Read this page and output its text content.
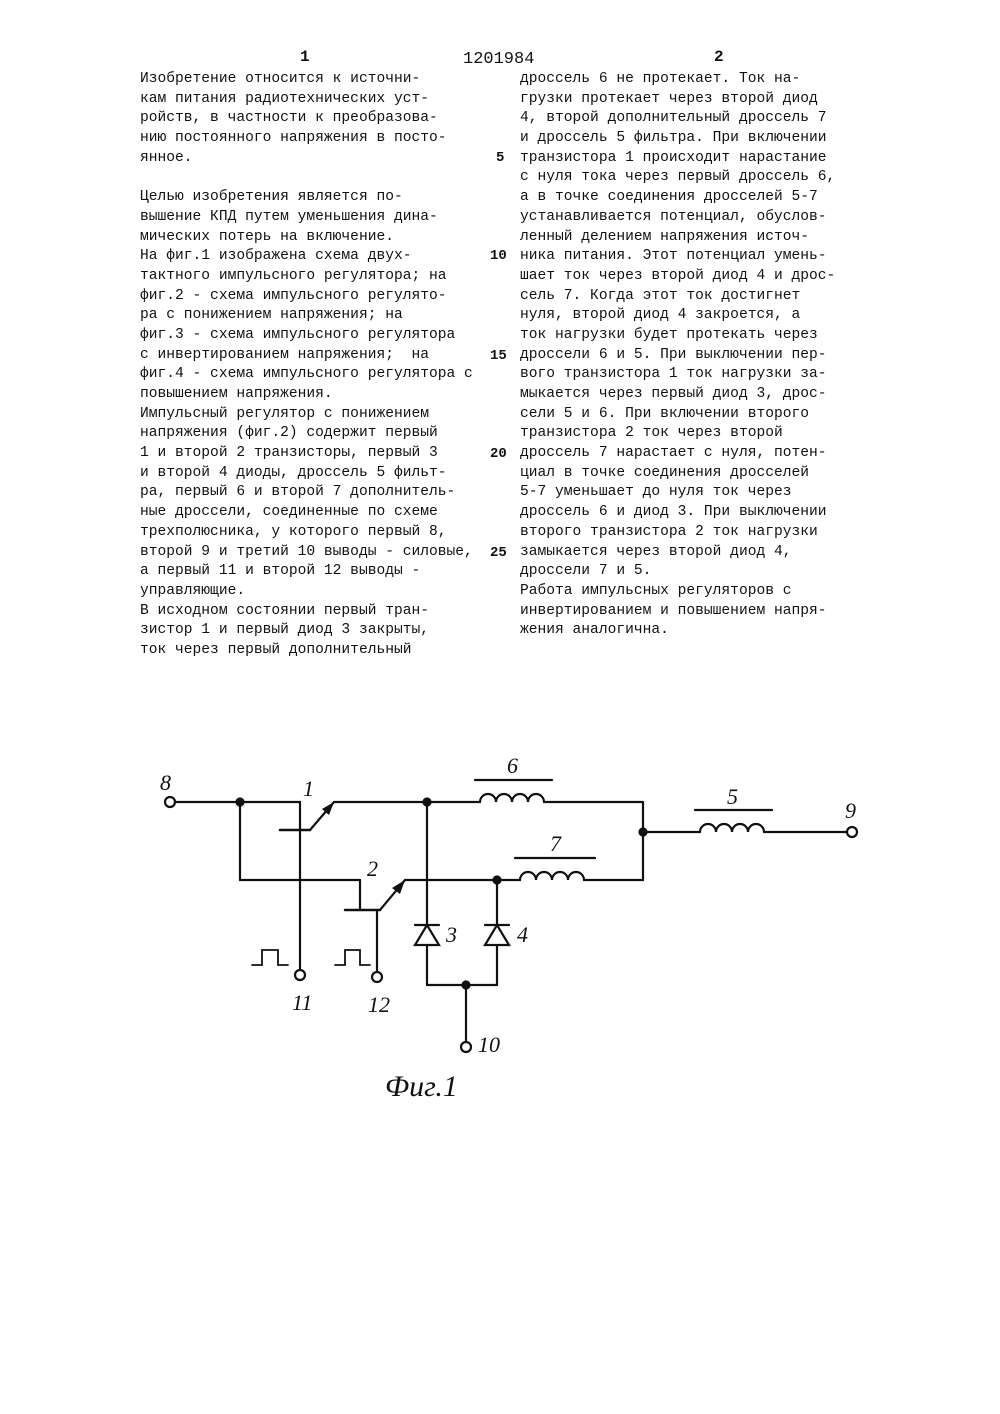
1	1201984	2
Изобретение относится к источни-
кам питания радиотехнических уст-
ройств, в частности к преобразова-
нию постоянного напряжения в посто-
янное.
Целью изобретения является по-
вышение КПД путем уменьшения дина-
мических потерь на включение.
На фиг.1 изображена схема двух-
тактного импульсного регулятора; на
фиг.2 - схема импульсного регулято-
ра с понижением напряжения; на
фиг.3 - схема импульсного регулятора
с инвертированием напряжения;  на
фиг.4 - схема импульсного регулятора с
повышением напряжения.
Импульсный регулятор с понижением
напряжения (фиг.2) содержит первый
1 и второй 2 транзисторы, первый 3
и второй 4 диоды, дроссель 5 фильт-
ра, первый 6 и второй 7 дополнитель-
ные дроссели, соединенные по схеме
трехполюсника, у которого первый 8,
второй 9 и третий 10 выводы - силовые,
а первый 11 и второй 12 выводы -
управляющие.
В исходном состоянии первый тран-
зистор 1 и первый диод 3 закрыты,
ток через первый дополнительный
дроссель 6 не протекает. Ток на-
грузки протекает через второй диод
4, второй дополнительный дроссель 7
и дроссель 5 фильтра. При включении
транзистора 1 происходит нарастание
с нуля тока через первый дроссель 6,
а в точке соединения дросселей 5-7
устанавливается потенциал, обуслов-
ленный делением напряжения источ-
ника питания. Этот потенциал умень-
шает ток через второй диод 4 и дрос-
сель 7. Когда этот ток достигнет
нуля, второй диод 4 закроется, а
ток нагрузки будет протекать через
дроссели 6 и 5. При выключении пер-
вого транзистора 1 ток нагрузки за-
мыкается через первый диод 3, дроc-
сели 5 и 6. При включении второго
транзистора 2 ток через второй
дроссель 7 нарастает с нуля, потен-
циал в точке соединения дросселей
5-7 уменьшает до нуля ток через
дроссель 6 и диод 3. При выключении
второго транзистора 2 ток нагрузки
замыкается через второй диод 4,
дроссели 7 и 5.
Работа импульсных регуляторов с
инвертированием и повышением напря-
жения аналогична.
5
10
15
20
25
8	1
2
3	4
6
7
5
9
11	12
10
Фиг.1
